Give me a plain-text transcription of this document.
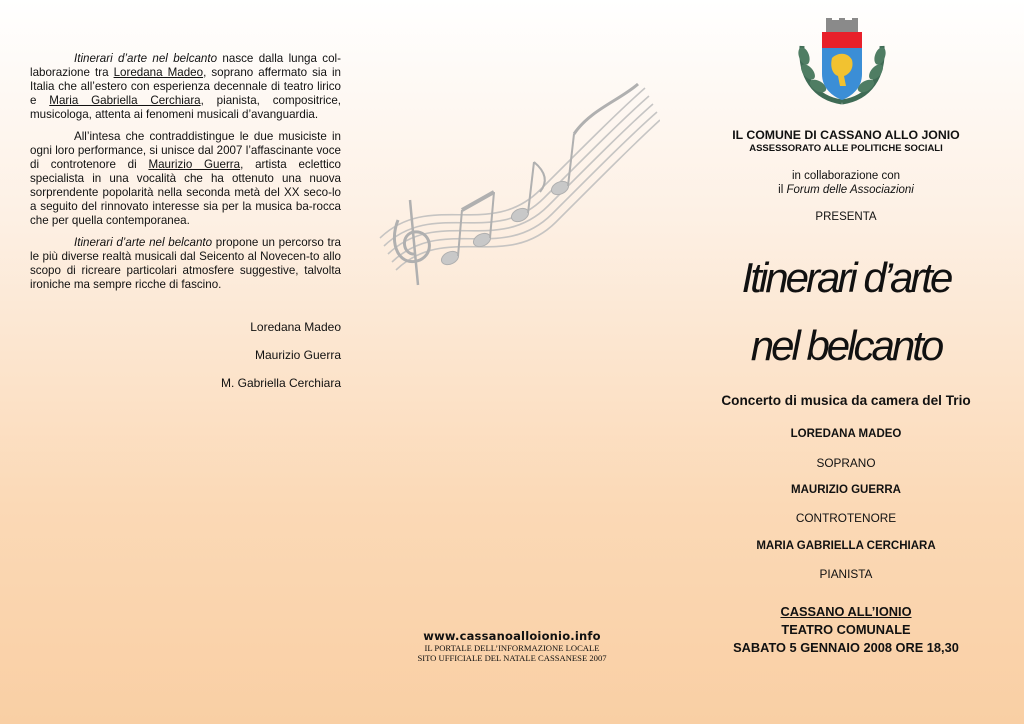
Itinerari d’arte nel belcanto nasce dalla lunga col-laborazione tra Loredana Madeo, soprano affermato sia in Italia che all’estero con esperienza decennale di teatro lirico e Maria Gabriella Cerchiara, pianista, compositrice, musicologa, attenta ai fenomeni musicali d’avanguardia.

All’intesa che contraddistingue le due musiciste in ogni loro performance, si unisce dal 2007 l’affascinante voce di controtenore di Maurizio Guerra, artista eclettico specialista in una vocalità che ha ottenuto una nuova sorprendente popolarità nella seconda metà del XX seco-lo a seguito del rinnovato interesse sia per la musica ba-rocca che per quella contemporanea.

Itinerari d’arte nel belcanto propone un percorso tra le più diverse realtà musicali dal Seicento al Novecen-to allo scopo di ricreare particolari atmosfere suggestive, talvolta ironiche ma sempre ricche di fascino.

Loredana Madeo
Maurizio Guerra
M. Gabriella Cerchiara
www.cassanoalloionio.info
IL PORTALE DELL’INFORMAZIONE LOCALE
SITO UFFICIALE DEL NATALE CASSANESE 2007
IL COMUNE DI CASSANO ALLO JONIO
ASSESSORATO ALLE POLITICHE SOCIALI
in collaborazione con
il Forum delle Associazioni
PRESENTA
Itinerari d’arte
nel belcanto
Concerto di musica da camera del Trio
LOREDANA MADEO
SOPRANO
MAURIZIO GUERRA
CONTROTENORE
MARIA GABRIELLA CERCHIARA
PIANISTA
CASSANO ALL’IONIO
TEATRO COMUNALE
SABATO 5 GENNAIO 2008 ORE 18,30
